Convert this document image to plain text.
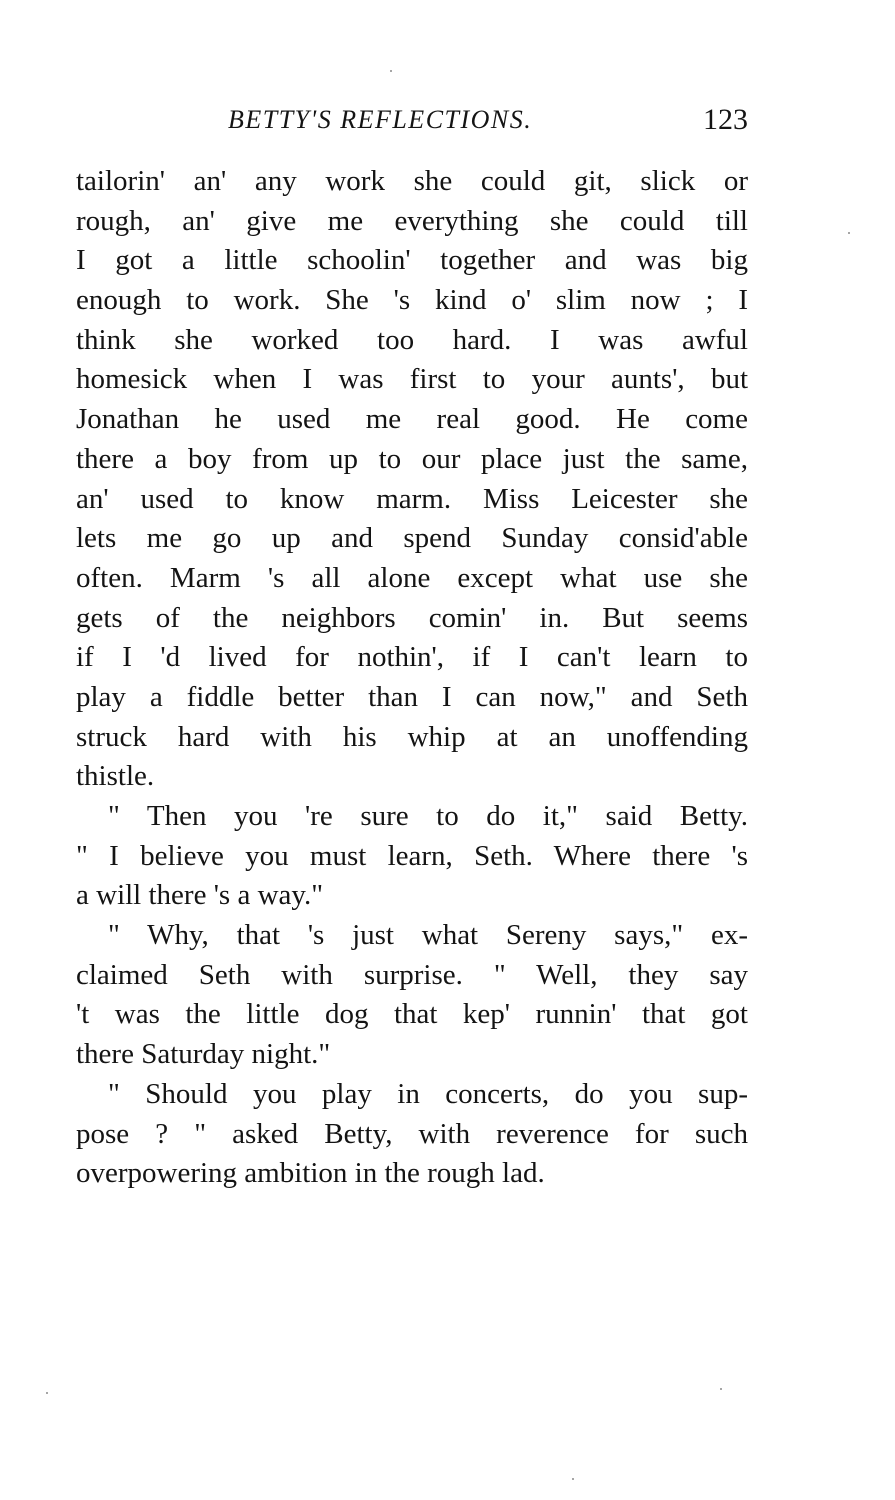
BETTY'S REFLECTIONS.	123
tailorin' an' any work she could git, slick or
rough, an' give me everything she could till
I got a little schoolin' together and was big
enough to work. She 's kind o' slim now ; I
think she worked too hard. I was awful
homesick when I was first to your aunts', but
Jonathan he used me real good. He come
there a boy from up to our place just the same,
an' used to know marm. Miss Leicester she
lets me go up and spend Sunday consid'able
often. Marm 's all alone except what use she
gets of the neighbors comin' in. But seems
if I 'd lived for nothin', if I can't learn to
play a fiddle better than I can now," and Seth
struck hard with his whip at an unoffending
thistle.
" Then you 're sure to do it," said Betty.
" I believe you must learn, Seth. Where there 's
a will there 's a way."
" Why, that 's just what Sereny says," ex-
claimed Seth with surprise. " Well, they say
't was the little dog that kep' runnin' that got
there Saturday night."
" Should you play in concerts, do you sup-
pose ? " asked Betty, with reverence for such
overpowering ambition in the rough lad.
